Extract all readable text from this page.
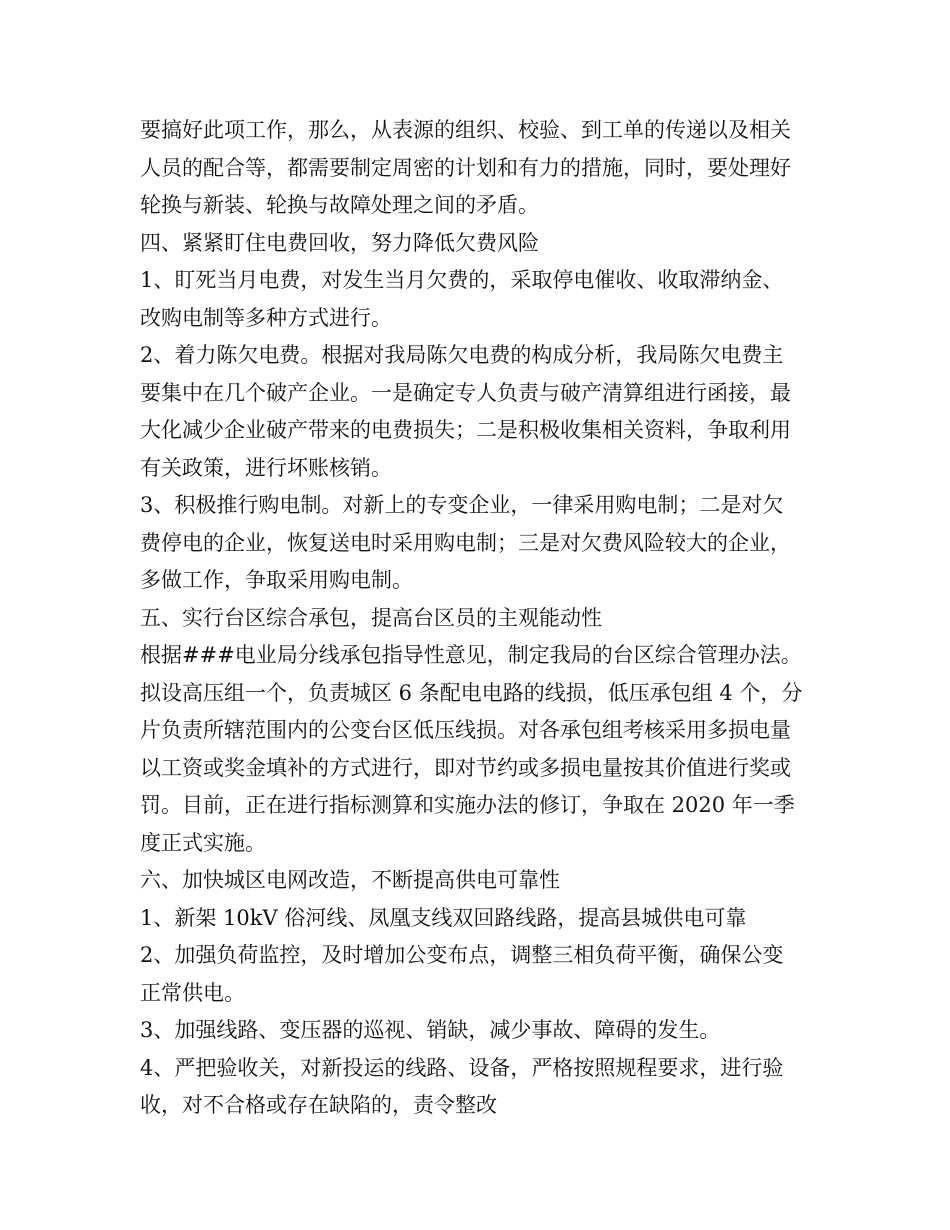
要搞好此项工作，那么，从表源的组织、校验、到工单的传递以及相关
人员的配合等，都需要制定周密的计划和有力的措施，同时，要处理好
轮换与新装、轮换与故障处理之间的矛盾。
四、紧紧盯住电费回收，努力降低欠费风险
1、盯死当月电费，对发生当月欠费的，采取停电催收、收取滞纳金、
改购电制等多种方式进行。
2、着力陈欠电费。根据对我局陈欠电费的构成分析，我局陈欠电费主
要集中在几个破产企业。一是确定专人负责与破产清算组进行函接，最
大化减少企业破产带来的电费损失；二是积极收集相关资料，争取利用
有关政策，进行坏账核销。
3、积极推行购电制。对新上的专变企业，一律采用购电制；二是对欠
费停电的企业，恢复送电时采用购电制；三是对欠费风险较大的企业，
多做工作，争取采用购电制。
五、实行台区综合承包，提高台区员的主观能动性
根据###电业局分线承包指导性意见，制定我局的台区综合管理办法。
拟设高压组一个，负责城区 6 条配电电路的线损，低压承包组 4 个，分
片负责所辖范围内的公变台区低压线损。对各承包组考核采用多损电量
以工资或奖金填补的方式进行，即对节约或多损电量按其价值进行奖或
罚。目前，正在进行指标测算和实施办法的修订，争取在 2020 年一季
度正式实施。
六、加快城区电网改造，不断提高供电可靠性
1、新架 10kV 俗河线、凤凰支线双回路线路，提高县城供电可靠
2、加强负荷监控，及时增加公变布点，调整三相负荷平衡，确保公变
正常供电。
3、加强线路、变压器的巡视、销缺，减少事故、障碍的发生。
4、严把验收关，对新投运的线路、设备，严格按照规程要求，进行验
收，对不合格或存在缺陷的，责令整改
